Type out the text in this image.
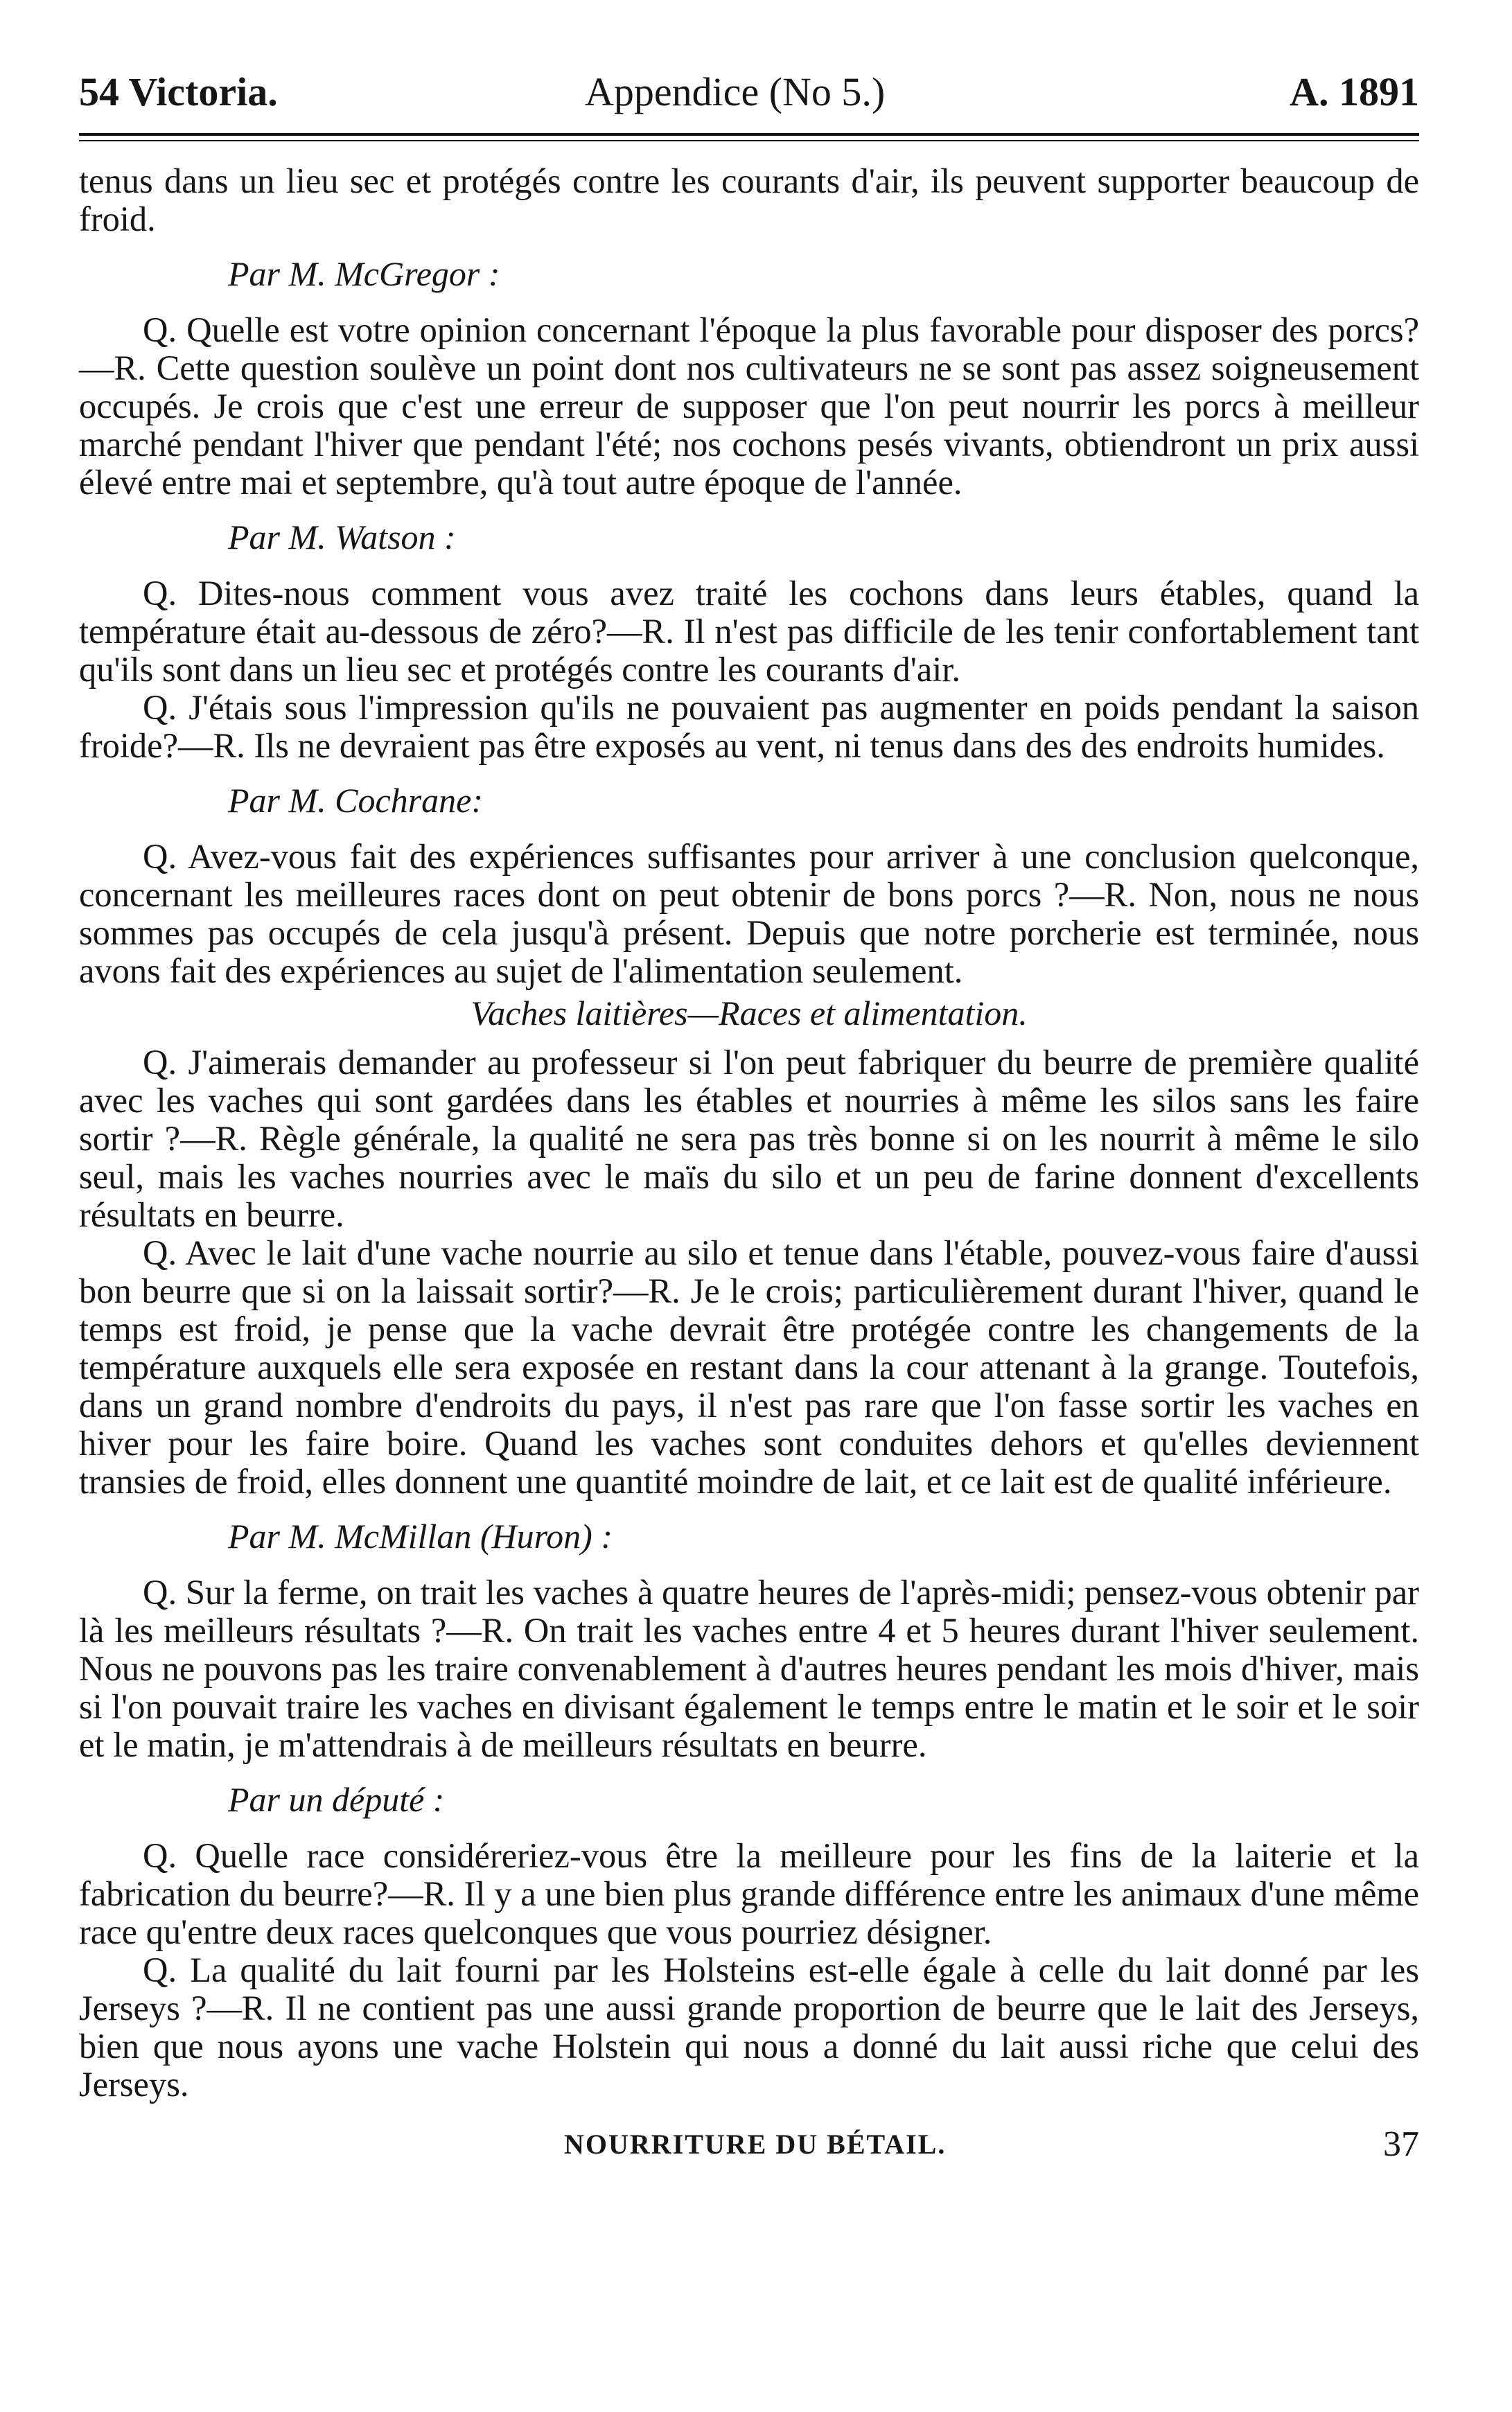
54 Victoria.	Appendice (No 5.)	A. 1891

tenus dans un lieu sec et protégés contre les courants d'air, ils peuvent supporter beaucoup de froid.

Par M. McGregor :

Q. Quelle est votre opinion concernant l'époque la plus favorable pour disposer des porcs?—R. Cette question soulève un point dont nos cultivateurs ne se sont pas assez soigneusement occupés. Je crois que c'est une erreur de supposer que l'on peut nourrir les porcs à meilleur marché pendant l'hiver que pendant l'été; nos cochons pesés vivants, obtiendront un prix aussi élevé entre mai et septembre, qu'à tout autre époque de l'année.

Par M. Watson :

Q. Dites-nous comment vous avez traité les cochons dans leurs étables, quand la température était au-dessous de zéro?—R. Il n'est pas difficile de les tenir confortablement tant qu'ils sont dans un lieu sec et protégés contre les courants d'air.

Q. J'étais sous l'impression qu'ils ne pouvaient pas augmenter en poids pendant la saison froide?—R. Ils ne devraient pas être exposés au vent, ni tenus dans des des endroits humides.

Par M. Cochrane:

Q. Avez-vous fait des expériences suffisantes pour arriver à une conclusion quelconque, concernant les meilleures races dont on peut obtenir de bons porcs ?—R. Non, nous ne nous sommes pas occupés de cela jusqu'à présent. Depuis que notre porcherie est terminée, nous avons fait des expériences au sujet de l'alimentation seulement.

Vaches laitières—Races et alimentation.

Q. J'aimerais demander au professeur si l'on peut fabriquer du beurre de première qualité avec les vaches qui sont gardées dans les étables et nourries à même les silos sans les faire sortir ?—R. Règle générale, la qualité ne sera pas très bonne si on les nourrit à même le silo seul, mais les vaches nourries avec le maïs du silo et un peu de farine donnent d'excellents résultats en beurre.

Q. Avec le lait d'une vache nourrie au silo et tenue dans l'étable, pouvez-vous faire d'aussi bon beurre que si on la laissait sortir?—R. Je le crois; particulièrement durant l'hiver, quand le temps est froid, je pense que la vache devrait être protégée contre les changements de la température auxquels elle sera exposée en restant dans la cour attenant à la grange. Toutefois, dans un grand nombre d'endroits du pays, il n'est pas rare que l'on fasse sortir les vaches en hiver pour les faire boire. Quand les vaches sont conduites dehors et qu'elles deviennent transies de froid, elles donnent une quantité moindre de lait, et ce lait est de qualité inférieure.

Par M. McMillan (Huron) :

Q. Sur la ferme, on trait les vaches à quatre heures de l'après-midi; pensez-vous obtenir par là les meilleurs résultats ?—R. On trait les vaches entre 4 et 5 heures durant l'hiver seulement. Nous ne pouvons pas les traire convenablement à d'autres heures pendant les mois d'hiver, mais si l'on pouvait traire les vaches en divisant également le temps entre le matin et le soir et le soir et le matin, je m'attendrais à de meilleurs résultats en beurre.

Par un député :

Q. Quelle race considéreriez-vous être la meilleure pour les fins de la laiterie et la fabrication du beurre?—R. Il y a une bien plus grande différence entre les animaux d'une même race qu'entre deux races quelconques que vous pourriez désigner.

Q. La qualité du lait fourni par les Holsteins est-elle égale à celle du lait donné par les Jerseys ?—R. Il ne contient pas une aussi grande proportion de beurre que le lait des Jerseys, bien que nous ayons une vache Holstein qui nous a donné du lait aussi riche que celui des Jerseys.

NOURRITURE DU BÉTAIL.	37
